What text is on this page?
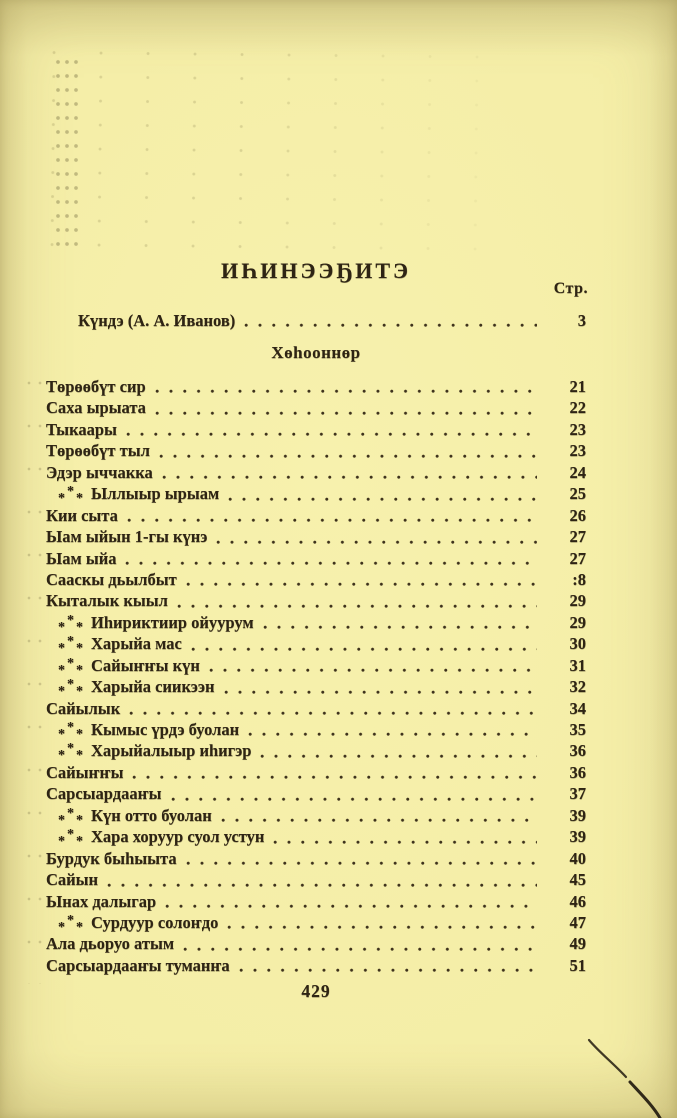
ИҺИНЭЭҔИТЭ
Стр.
Күндэ (А. А. Иванов)	3
Хөһооннөр
Төрөөбүт сир	21
Саха ырыата	22
Тыкаары	23
Төрөөбүт тыл	23
Эдэр ыччакка	24
* * * Ыллыыр ырыам	25
Кии сыта	26
Ыам ыйын 1-гы күнэ	27
Ыам ыйа	27
Сааскы дьылбыт	:8
Кыталык кыыл	29
* * * Иһириктиир ойуурум	29
* * * Харыйа мас	30
* * * Сайыҥҥы күн	31
* * * Харыйа сиикээн	32
Сайылык	34
* * * Кымыс үрдэ буолан	35
* * * Харыйалыыр иһигэр	36
Сайыҥҥы	36
Сарсыардааҥы	37
* * * Күн отто буолан	39
* * * Хара хоруур суол устун	39
Бурдук быһыыта	40
Сайын	45
Ынах далыгар	46
* * * Сурдуур солоҥдо	47
Ала дьоруо атым	49
Сарсыардааҥы туманҥа	51
429
